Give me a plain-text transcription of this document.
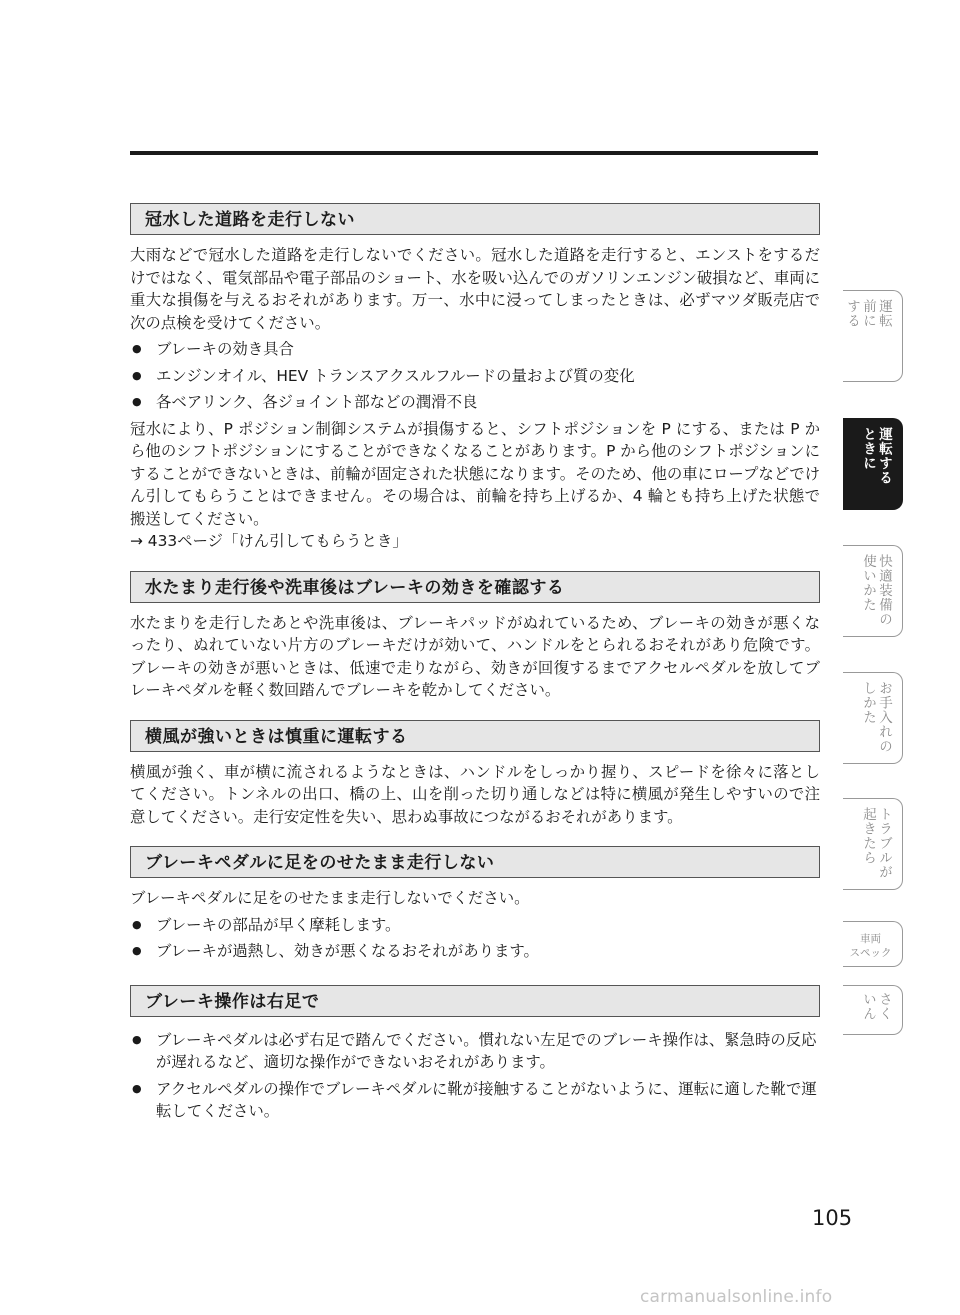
冠水した道路を走行しない

大雨などで冠水した道路を走行しないでください。冠水した道路を走行すると、エンストをするだけではなく、電気部品や電子部品のショート、水を吸い込んでのガソリンエンジン破損など、車両に重大な損傷を与えるおそれがあります。万一、水中に浸ってしまったときは、必ずマツダ販売店で次の点検を受けてください。

● ブレーキの効き具合
● エンジンオイル、HEV トランスアクスルフルードの量および質の変化
● 各ベアリンク、各ジョイント部などの潤滑不良

冠水により、P ポジション制御システムが損傷すると、シフトポジションを P にする、または P から他のシフトポジションにすることができなくなることがあります。P から他のシフトポジションにすることができないときは、前輪が固定された状態になります。そのため、他の車にロープなどでけん引してもらうことはできません。その場合は、前輪を持ち上げるか、4 輪とも持ち上げた状態で搬送してください。

→ 433ページ「けん引してもらうとき」

水たまり走行後や洗車後はブレーキの効きを確認する

水たまりを走行したあとや洗車後は、ブレーキパッドがぬれているため、ブレーキの効きが悪くなったり、ぬれていない片方のブレーキだけが効いて、ハンドルをとられるおそれがあり危険です。ブレーキの効きが悪いときは、低速で走りながら、効きが回復するまでアクセルペダルを放してブレーキペダルを軽く数回踏んでブレーキを乾かしてください。

横風が強いときは慎重に運転する

横風が強く、車が横に流されるようなときは、ハンドルをしっかり握り、スピードを徐々に落としてください。トンネルの出口、橋の上、山を削った切り通しなどは特に横風が発生しやすいので注意してください。走行安定性を失い、思わぬ事故につながるおそれがあります。

ブレーキペダルに足をのせたまま走行しない

ブレーキペダルに足をのせたまま走行しないでください。

● ブレーキの部品が早く摩耗します。
● ブレーキが過熱し、効きが悪くなるおそれがあります。
ブレーキ操作は右足で
● ブレーキペダルは必ず右足で踏んでください。慣れない左足でのブレーキ操作は、緊急時の反応が遅れるなど、適切な操作ができないおそれがあります。
● アクセルペダルの操作でブレーキペダルに靴が接触することがないように、運転に適した靴で運転してください。
運転
前に
する
運転する
ときに
快適装備の
使いかた
お手入れの
しかた
トラブルが
起きたら
車両
スペック
さく
いん
105
carmanualsonline.info
